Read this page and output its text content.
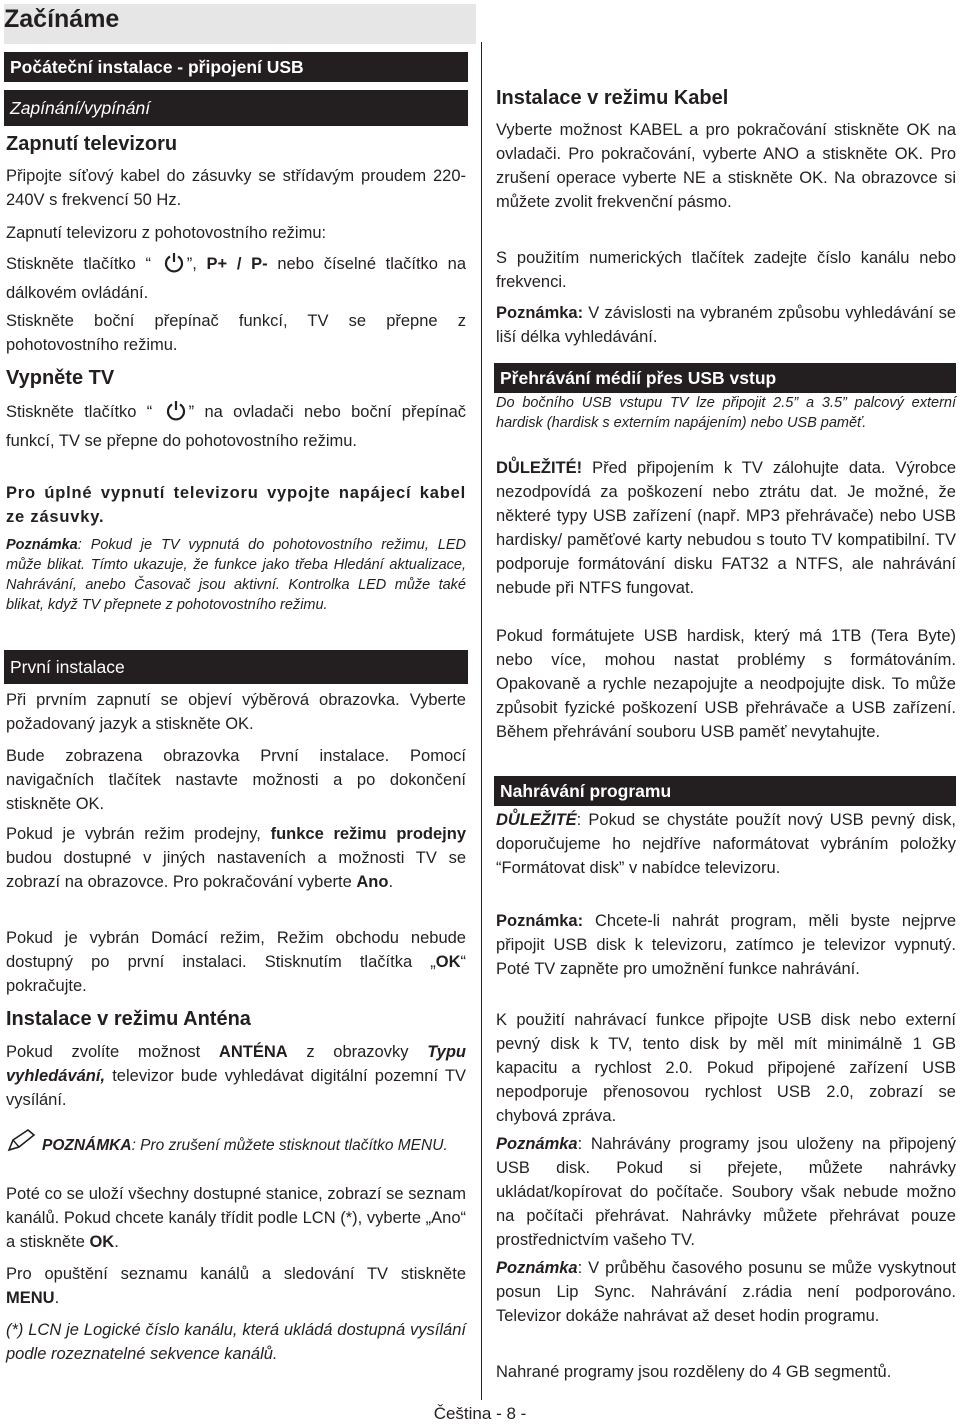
Začínáme
Počáteční instalace - připojení USB
Zapínání/vypínání
Zapnutí televizoru

Připojte síťový kabel do zásuvky se střídavým proudem 220-240V s frekvencí 50 Hz.

Zapnutí televizoru z pohotovostního režimu:

Stiskněte tlačítko “ ”, P+ / P- nebo číselné tlačítko na dálkovém ovládání.

Stiskněte boční přepínač funkcí, TV se přepne z pohotovostního režimu.

Vypněte TV

Stiskněte tlačítko “ ” na ovladači nebo boční přepínač funkcí, TV se přepne do pohotovostního režimu.

Pro úplné vypnutí televizoru vypojte napájecí kabel ze zásuvky.

Poznámka: Pokud je TV vypnutá do pohotovostního režimu, LED může blikat. Tímto ukazuje, že funkce jako třeba Hledání aktualizace, Nahrávání, anebo Časovač jsou aktivní. Kontrolka LED může také blikat, když TV přepnete z pohotovostního režimu.

První instalace

Při prvním zapnutí se objeví výběrová obrazovka. Vyberte požadovaný jazyk a stiskněte OK.

Bude zobrazena obrazovka První instalace. Pomocí navigačních tlačítek nastavte možnosti a po dokončení stiskněte OK.

Pokud je vybrán režim prodejny, funkce režimu prodejny budou dostupné v jiných nastaveních a možnosti TV se zobrazí na obrazovce. Pro pokračování vyberte Ano.

Pokud je vybrán Domácí režim, Režim obchodu nebude dostupný po první instalaci. Stisknutím tlačítka „OK“ pokračujte.

Instalace v režimu Anténa

Pokud zvolíte možnost ANTÉNA z obrazovky Typu vyhledávání, televizor bude vyhledávat digitální pozemní TV vysílání.

POZNÁMKA: Pro zrušení můžete stisknout tlačítko MENU.

Poté co se uloží všechny dostupné stanice, zobrazí se seznam kanálů. Pokud chcete kanály třídit podle LCN (*), vyberte „Ano“ a stiskněte OK.

Pro opuštění seznamu kanálů a sledování TV stiskněte MENU.

(*) LCN je Logické číslo kanálu, která ukládá dostupná vysílání podle rozeznatelné sekvence kanálů.

Instalace v režimu Kabel

Vyberte možnost KABEL a pro pokračování stiskněte OK na ovladači. Pro pokračování, vyberte ANO a stiskněte OK. Pro zrušení operace vyberte NE a stiskněte OK. Na obrazovce si můžete zvolit frekvenční pásmo.

S použitím numerických tlačítek zadejte číslo kanálu nebo frekvenci.

Poznámka: V závislosti na vybraném způsobu vyhledávání se liší délka vyhledávání.

Přehrávání médií přes USB vstup

Do bočního USB vstupu TV lze připojit 2.5” a 3.5” palcový externí hardisk (hardisk s externím napájením) nebo USB paměť.

DŮLEŽITÉ! Před připojením k TV zálohujte data. Výrobce nezodpovídá za poškození nebo ztrátu dat. Je možné, že některé typy USB zařízení (např. MP3 přehrávače) nebo USB hardisky/ paměťové karty nebudou s touto TV kompatibilní. TV podporuje formátování disku FAT32 a NTFS, ale nahrávání nebude při NTFS fungovat.

Pokud formátujete USB hardisk, který má 1TB (Tera Byte) nebo více, mohou nastat problémy s formátováním. Opakovaně a rychle nezapojujte a neodpojujte disk. To může způsobit fyzické poškození USB přehrávače a USB zařízení. Během přehrávání souboru USB paměť nevytahujte.

Nahrávání programu

DŮLEŽITÉ: Pokud se chystáte použít nový USB pevný disk, doporučujeme ho nejdříve naformátovat vybráním položky “Formátovat disk” v nabídce televizoru.

Poznámka: Chcete-li nahrát program, měli byste nejprve připojit USB disk k televizoru, zatímco je televizor vypnutý. Poté TV zapněte pro umožnění funkce nahrávání.

K použití nahrávací funkce připojte USB disk nebo externí pevný disk k TV, tento disk by měl mít minimálně 1 GB kapacitu a rychlost 2.0. Pokud připojené zařízení USB nepodporuje přenosovou rychlost USB 2.0, zobrazí se chybová zpráva.

Poznámka: Nahrávány programy jsou uloženy na připojený USB disk. Pokud si přejete, můžete nahrávky ukládat/kopírovat do počítače. Soubory však nebude možno na počítači přehrávat. Nahrávky můžete přehrávat pouze prostřednictvím vašeho TV.

Poznámka: V průběhu časového posunu se může vyskytnout posun Lip Sync. Nahrávání z.rádia není podporováno. Televizor dokáže nahrávat až deset hodin programu.

Nahrané programy jsou rozděleny do 4 GB segmentů.

Čeština - 8 -
